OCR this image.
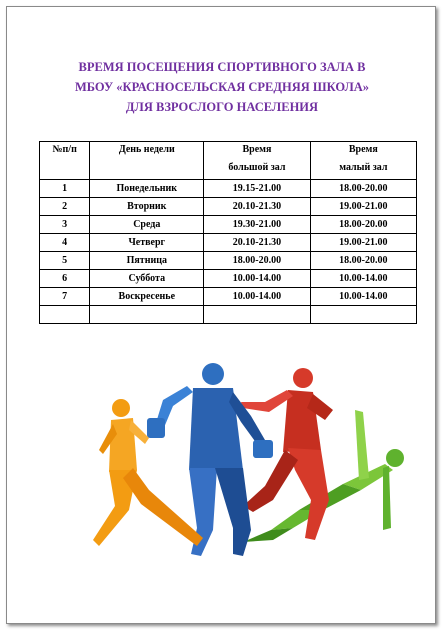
ВРЕМЯ ПОСЕЩЕНИЯ СПОРТИВНОГО ЗАЛА В
МБОУ «КРАСНОСЕЛЬСКАЯ СРЕДНЯЯ ШКОЛА»
ДЛЯ ВЗРОСЛОГО НАСЕЛЕНИЯ
№п/п	День недели	Время	Время
		большой зал	малый зал
1	Понедельник	19.15-21.00	18.00-20.00
2	Вторник	20.10-21.30	19.00-21.00
3	Среда	19.30-21.00	18.00-20.00
4	Четверг	20.10-21.30	19.00-21.00
5	Пятница	18.00-20.00	18.00-20.00
6	Суббота	10.00-14.00	10.00-14.00
7	Воскресенье	10.00-14.00	10.00-14.00
